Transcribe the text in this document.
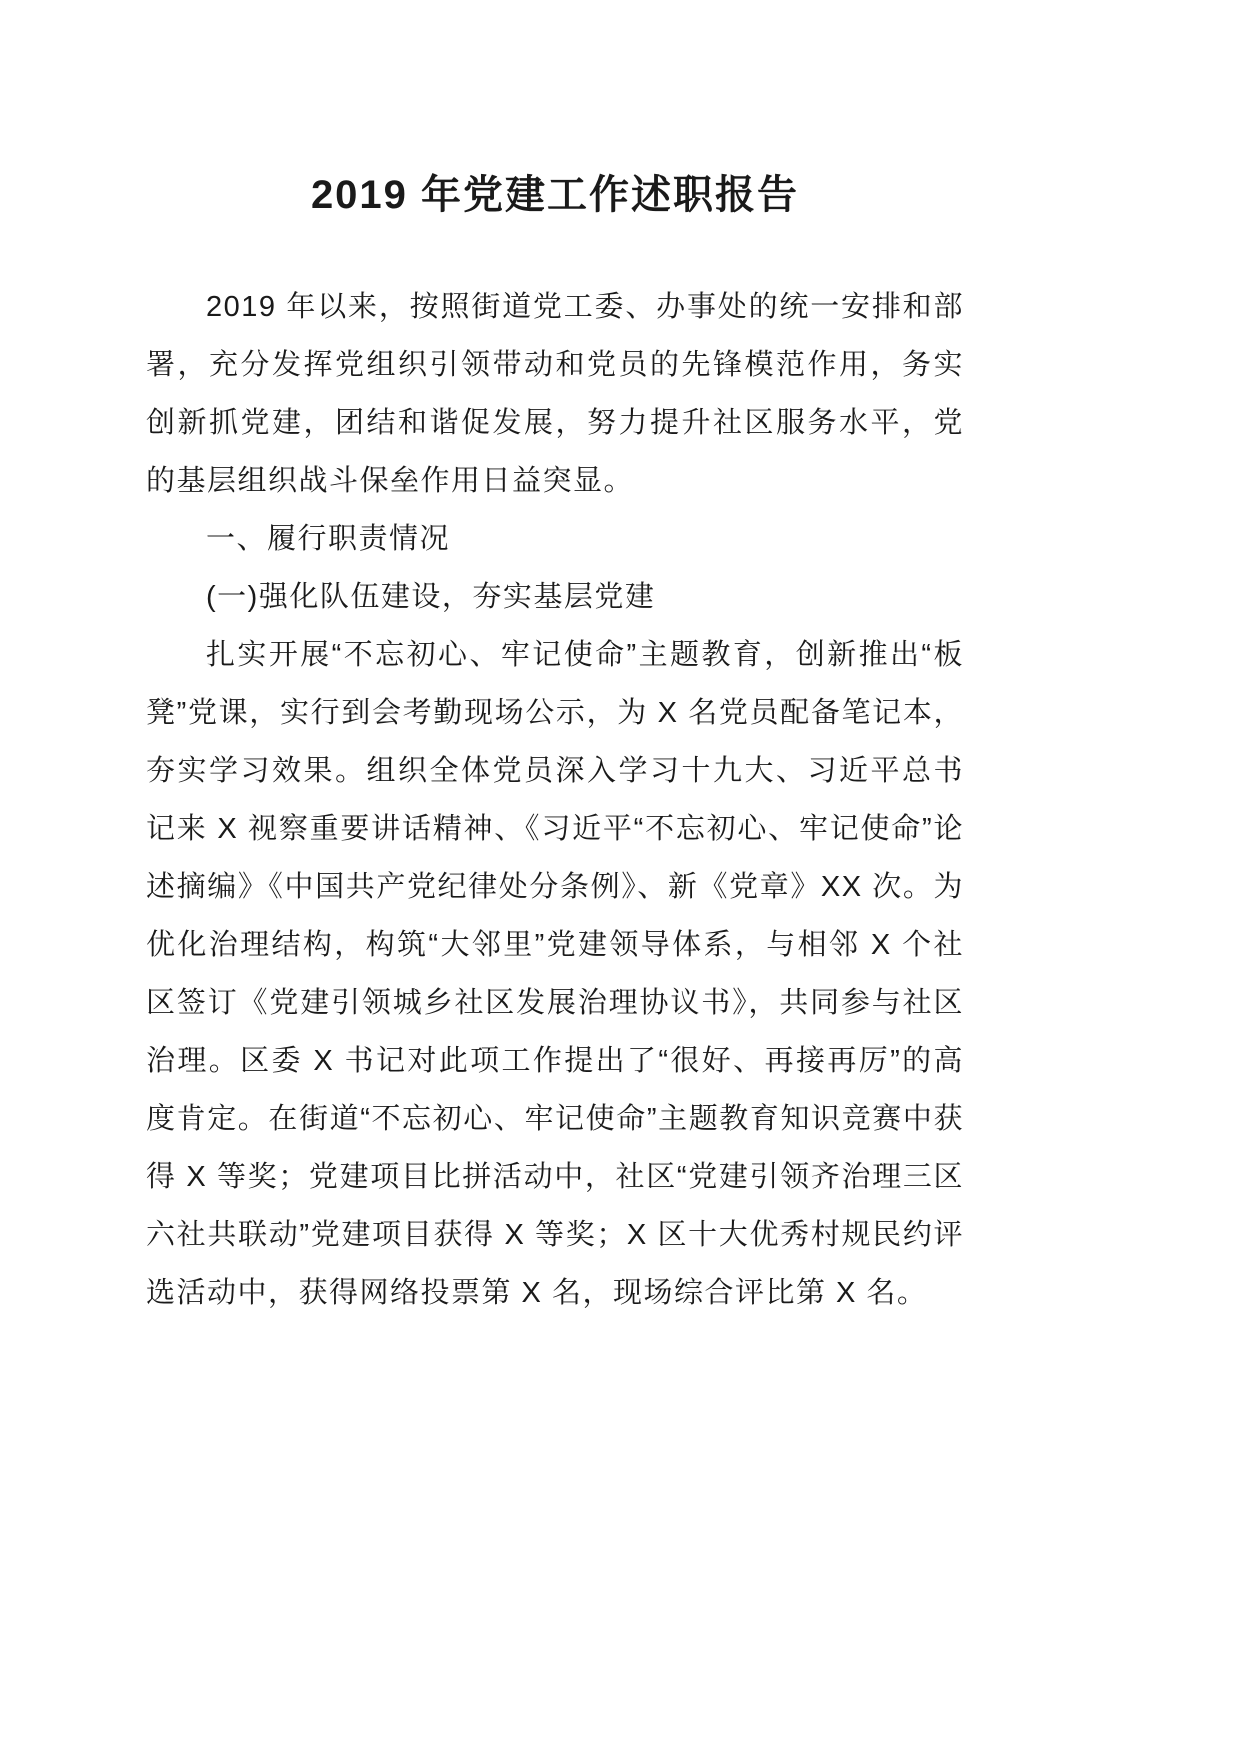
2019 年党建工作述职报告

2019 年以来，按照街道党工委、办事处的统一安排和部署，充分发挥党组织引领带动和党员的先锋模范作用，务实创新抓党建，团结和谐促发展，努力提升社区服务水平，党的基层组织战斗保垒作用日益突显。

一、履行职责情况

(一)强化队伍建设，夯实基层党建

扎实开展“不忘初心、牢记使命”主题教育，创新推出“板凳”党课，实行到会考勤现场公示，为 X 名党员配备笔记本，夯实学习效果。组织全体党员深入学习十九大、习近平总书记来 X 视察重要讲话精神、《习近平“不忘初心、牢记使命”论述摘编》《中国共产党纪律处分条例》、新《党章》XX 次。为优化治理结构，构筑“大邻里”党建领导体系，与相邻 X 个社区签订《党建引领城乡社区发展治理协议书》，共同参与社区治理。区委 X 书记对此项工作提出了“很好、再接再厉”的高度肯定。在街道“不忘初心、牢记使命”主题教育知识竞赛中获得 X 等奖；党建项目比拼活动中，社区“党建引领齐治理三区六社共联动”党建项目获得 X 等奖；X 区十大优秀村规民约评选活动中，获得网络投票第 X 名，现场综合评比第 X 名。
